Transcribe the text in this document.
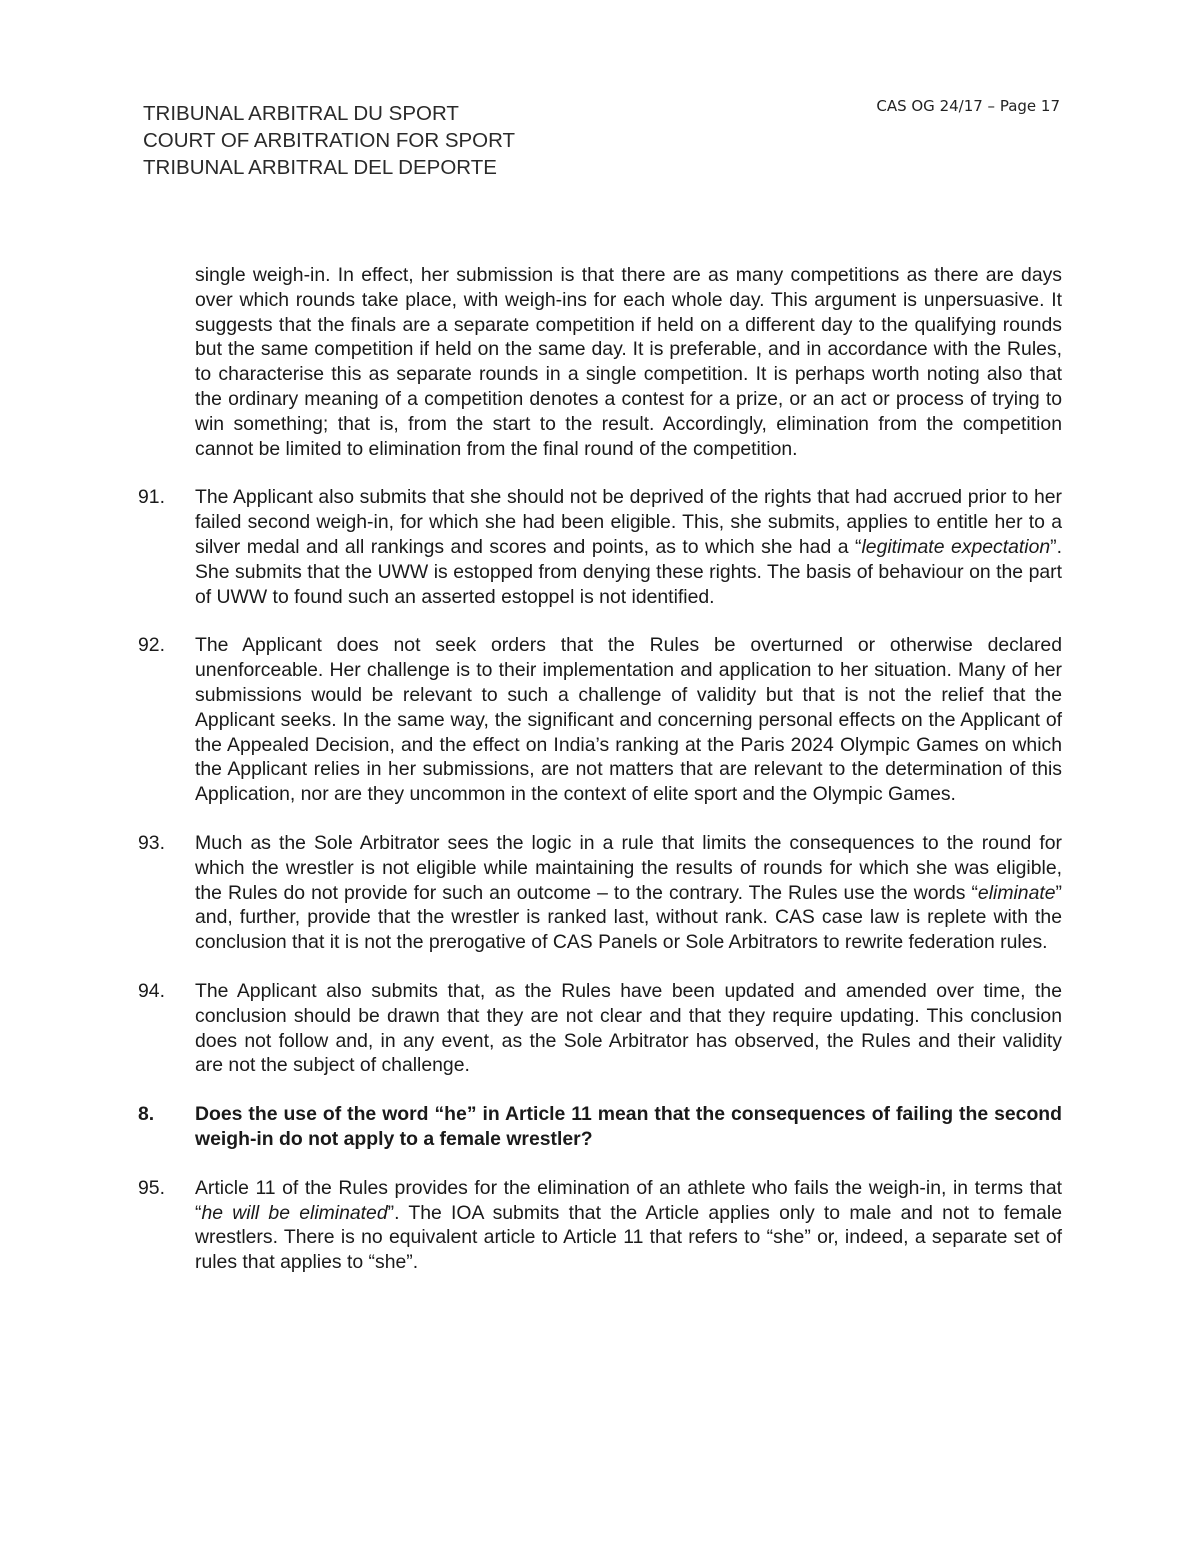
TRIBUNAL ARBITRAL DU SPORT
COURT OF ARBITRATION FOR SPORT
TRIBUNAL ARBITRAL DEL DEPORTE
CAS OG 24/17 – Page 17
single weigh-in. In effect, her submission is that there are as many competitions as there are days over which rounds take place, with weigh-ins for each whole day. This argument is unpersuasive. It suggests that the finals are a separate competition if held on a different day to the qualifying rounds but the same competition if held on the same day. It is preferable, and in accordance with the Rules, to characterise this as separate rounds in a single competition. It is perhaps worth noting also that the ordinary meaning of a competition denotes a contest for a prize, or an act or process of trying to win something; that is, from the start to the result. Accordingly, elimination from the competition cannot be limited to elimination from the final round of the competition.
91.	The Applicant also submits that she should not be deprived of the rights that had accrued prior to her failed second weigh-in, for which she had been eligible. This, she submits, applies to entitle her to a silver medal and all rankings and scores and points, as to which she had a “legitimate expectation”. She submits that the UWW is estopped from denying these rights. The basis of behaviour on the part of UWW to found such an asserted estoppel is not identified.
92.	The Applicant does not seek orders that the Rules be overturned or otherwise declared unenforceable. Her challenge is to their implementation and application to her situation. Many of her submissions would be relevant to such a challenge of validity but that is not the relief that the Applicant seeks. In the same way, the significant and concerning personal effects on the Applicant of the Appealed Decision, and the effect on India’s ranking at the Paris 2024 Olympic Games on which the Applicant relies in her submissions, are not matters that are relevant to the determination of this Application, nor are they uncommon in the context of elite sport and the Olympic Games.
93.	Much as the Sole Arbitrator sees the logic in a rule that limits the consequences to the round for which the wrestler is not eligible while maintaining the results of rounds for which she was eligible, the Rules do not provide for such an outcome – to the contrary. The Rules use the words “eliminate” and, further, provide that the wrestler is ranked last, without rank. CAS case law is replete with the conclusion that it is not the prerogative of CAS Panels or Sole Arbitrators to rewrite federation rules.
94.	The Applicant also submits that, as the Rules have been updated and amended over time, the conclusion should be drawn that they are not clear and that they require updating. This conclusion does not follow and, in any event, as the Sole Arbitrator has observed, the Rules and their validity are not the subject of challenge.
8.	Does the use of the word “he” in Article 11 mean that the consequences of failing the second weigh-in do not apply to a female wrestler?
95.	Article 11 of the Rules provides for the elimination of an athlete who fails the weigh-in, in terms that “he will be eliminated”. The IOA submits that the Article applies only to male and not to female wrestlers. There is no equivalent article to Article 11 that refers to “she” or, indeed, a separate set of rules that applies to “she”.
